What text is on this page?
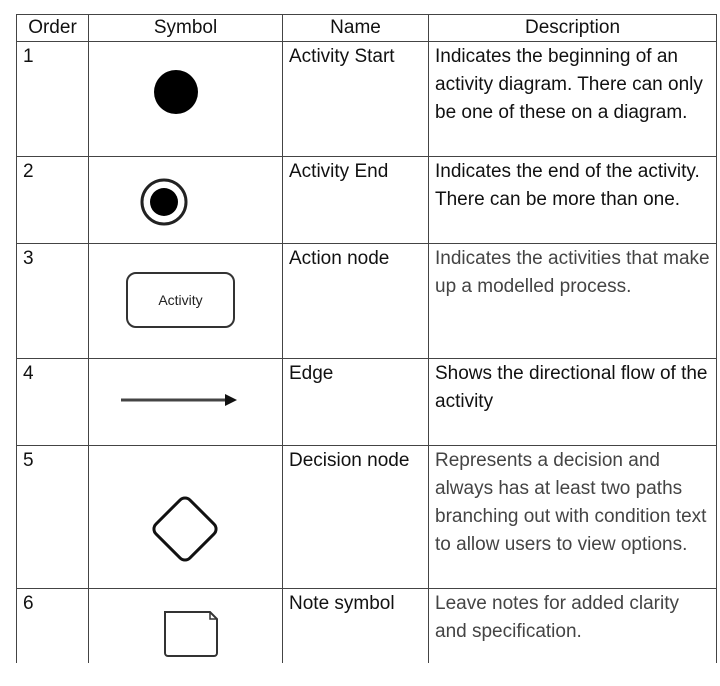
Order	Symbol	Name	Description
1		Activity Start	Indicates the beginning of an activity diagram. There can only be one of these on a diagram.
2		Activity End	Indicates the end of the activity. There can be more than one.
3	Activity	Action node	Indicates the activities that make up a modelled process.
4		Edge	Shows the directional flow of the activity
5		Decision node	Represents a decision and always has at least two paths branching out with condition text to allow users to view options.
6		Note symbol	Leave notes for added clarity and specification.
